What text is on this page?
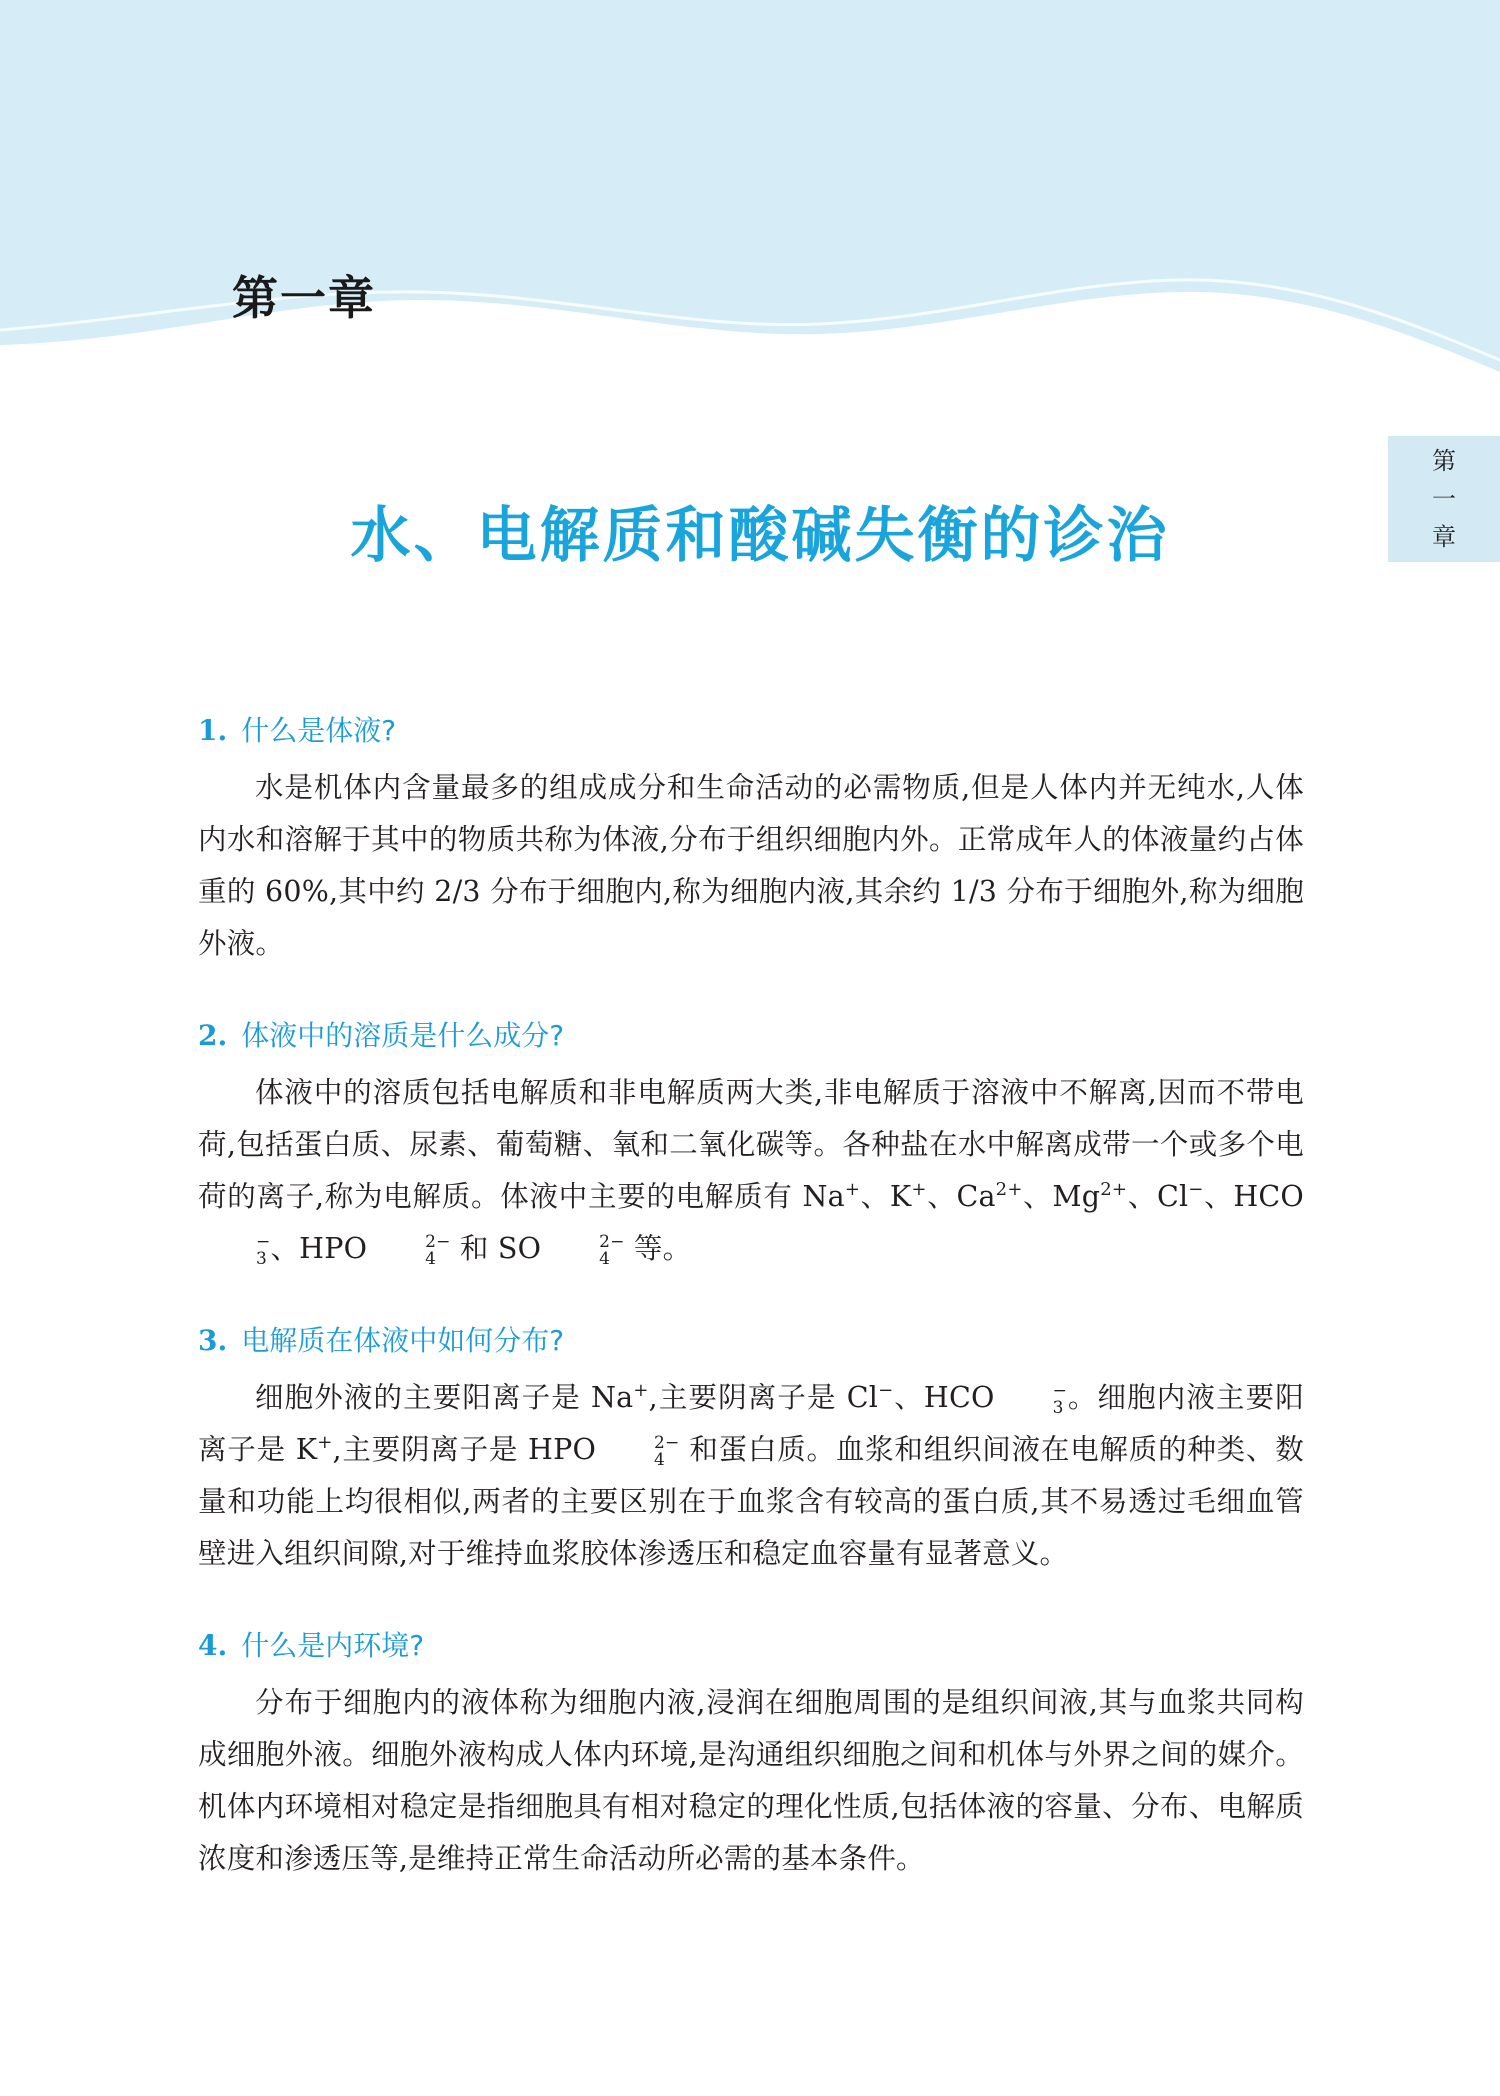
第一章
第
一
章
水、电解质和酸碱失衡的诊治
1. 什么是体液?
水是机体内含量最多的组成成分和生命活动的必需物质,但是人体内并无纯水,人体内水和溶解于其中的物质共称为体液,分布于组织细胞内外。正常成年人的体液量约占体重的 60%,其中约 2/3 分布于细胞内,称为细胞内液,其余约 1/3 分布于细胞外,称为细胞外液。
2. 体液中的溶质是什么成分?
体液中的溶质包括电解质和非电解质两大类,非电解质于溶液中不解离,因而不带电荷,包括蛋白质、尿素、葡萄糖、氧和二氧化碳等。各种盐在水中解离成带一个或多个电荷的离子,称为电解质。体液中主要的电解质有 Na+、K+、$Ca^{2+}$、$Mg^{2+}$、Cl−、HCO
−
3 、HPO	2−
4 和 SO	2−
4 等。
3. 电解质在体液中如何分布?
细胞外液的主要阳离子是 Na+,主要阴离子是 Cl−、HCO	−
3 。细胞内液主要阳离子是 K+,主要阴离子是 HPO	2−
4 和蛋白质。血浆和组织间液在电解质的种类、数量和功能上均很相似,两者的主要区别在于血浆含有较高的蛋白质,其不易透过毛细血管壁进入组织间隙,对于维持血浆胶体渗透压和稳定血容量有显著意义。
4. 什么是内环境?
分布于细胞内的液体称为细胞内液,浸润在细胞周围的是组织间液,其与血浆共同构成细胞外液。细胞外液构成人体内环境,是沟通组织细胞之间和机体与外界之间的媒介。机体内环境相对稳定是指细胞具有相对稳定的理化性质,包括体液的容量、分布、电解质浓度和渗透压等,是维持正常生命活动所必需的基本条件。
